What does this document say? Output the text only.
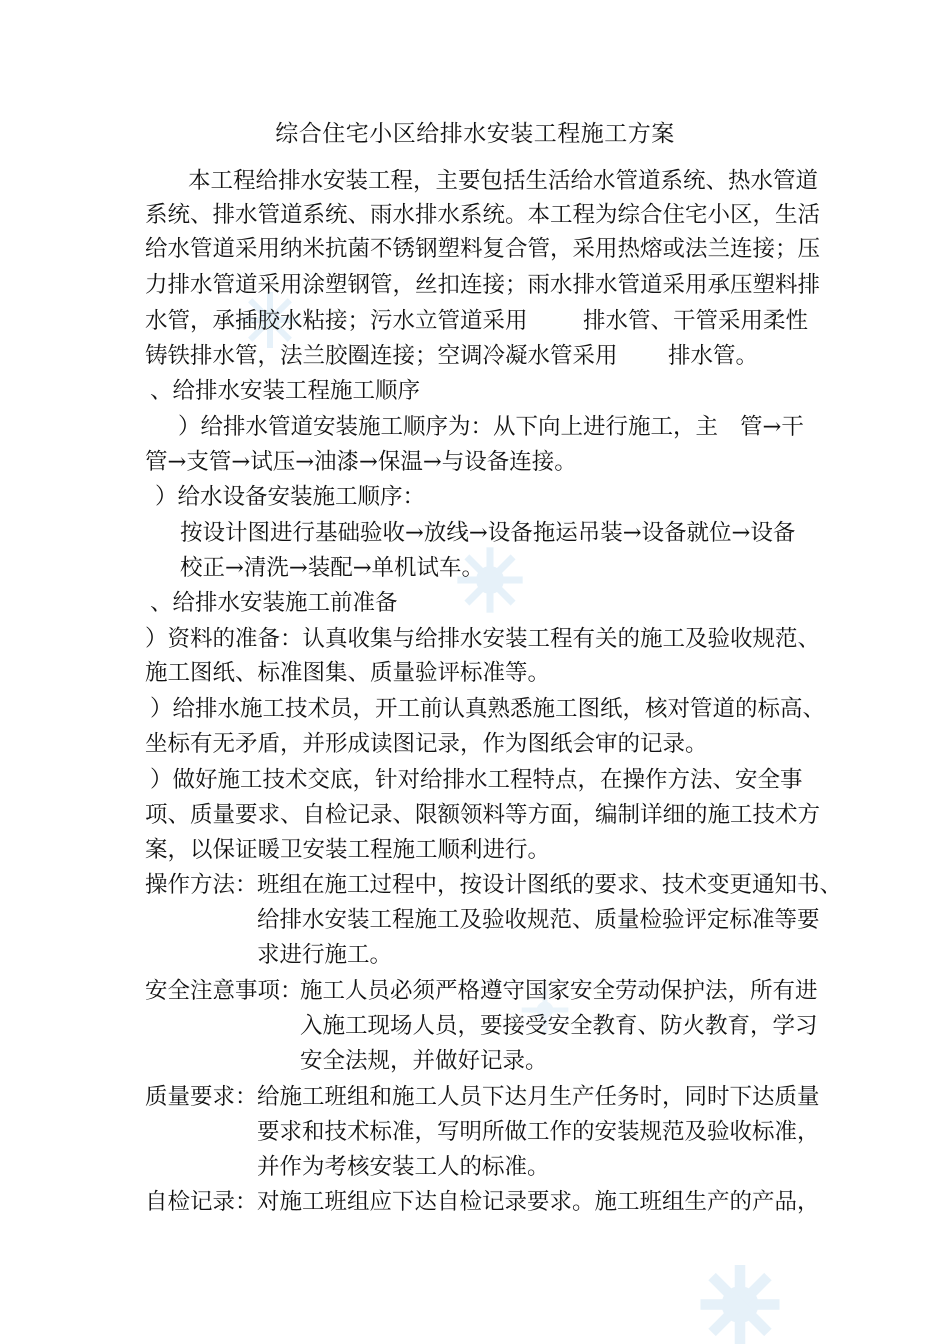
综合住宅小区给排水安装工程施工方案
本工程给排水安装工程，主要包括生活给水管道系统、热水管道
系统、排水管道系统、雨水排水系统。本工程为综合住宅小区，生活
给水管道采用纳米抗菌不锈钢塑料复合管，采用热熔或法兰连接；压
力排水管道采用涂塑钢管，丝扣连接；雨水排水管道采用承压塑料排
水管，承插胶水粘接；污水立管道采用 排水管、干管采用柔性
铸铁排水管，法兰胶圈连接；空调冷凝水管采用 排水管。
、给排水安装工程施工顺序
）给排水管道安装施工顺序为：从下向上进行施工，主 管→干
管→支管→试压→油漆→保温→与设备连接。
）给水设备安装施工顺序：
按设计图进行基础验收→放线→设备拖运吊装→设备就位→设备
校正→清洗→装配→单机试车。
、给排水安装施工前准备
）资料的准备：认真收集与给排水安装工程有关的施工及验收规范、
施工图纸、标准图集、质量验评标准等。
）给排水施工技术员，开工前认真熟悉施工图纸，核对管道的标高、
坐标有无矛盾，并形成读图记录，作为图纸会审的记录。
）做好施工技术交底，针对给排水工程特点，在操作方法、安全事
项、质量要求、自检记录、限额领料等方面，编制详细的施工技术方
案，以保证暖卫安装工程施工顺利进行。
操作方法： 班组在施工过程中，按设计图纸的要求、技术变更通知书、
给排水安装工程施工及验收规范、质量检验评定标准等要
求进行施工。
安全注意事项：
施工人员必须严格遵守国家安全劳动保护法，所有进
入施工现场人员，要接受安全教育、防火教育，学习
安全法规，并做好记录。
质量要求： 给施工班组和施工人员下达月生产任务时，同时下达质量
要求和技术标准，写明所做工作的安装规范及验收标准，
并作为考核安装工人的标准。
自检记录： 对施工班组应下达自检记录要求。施工班组生产的产品，
